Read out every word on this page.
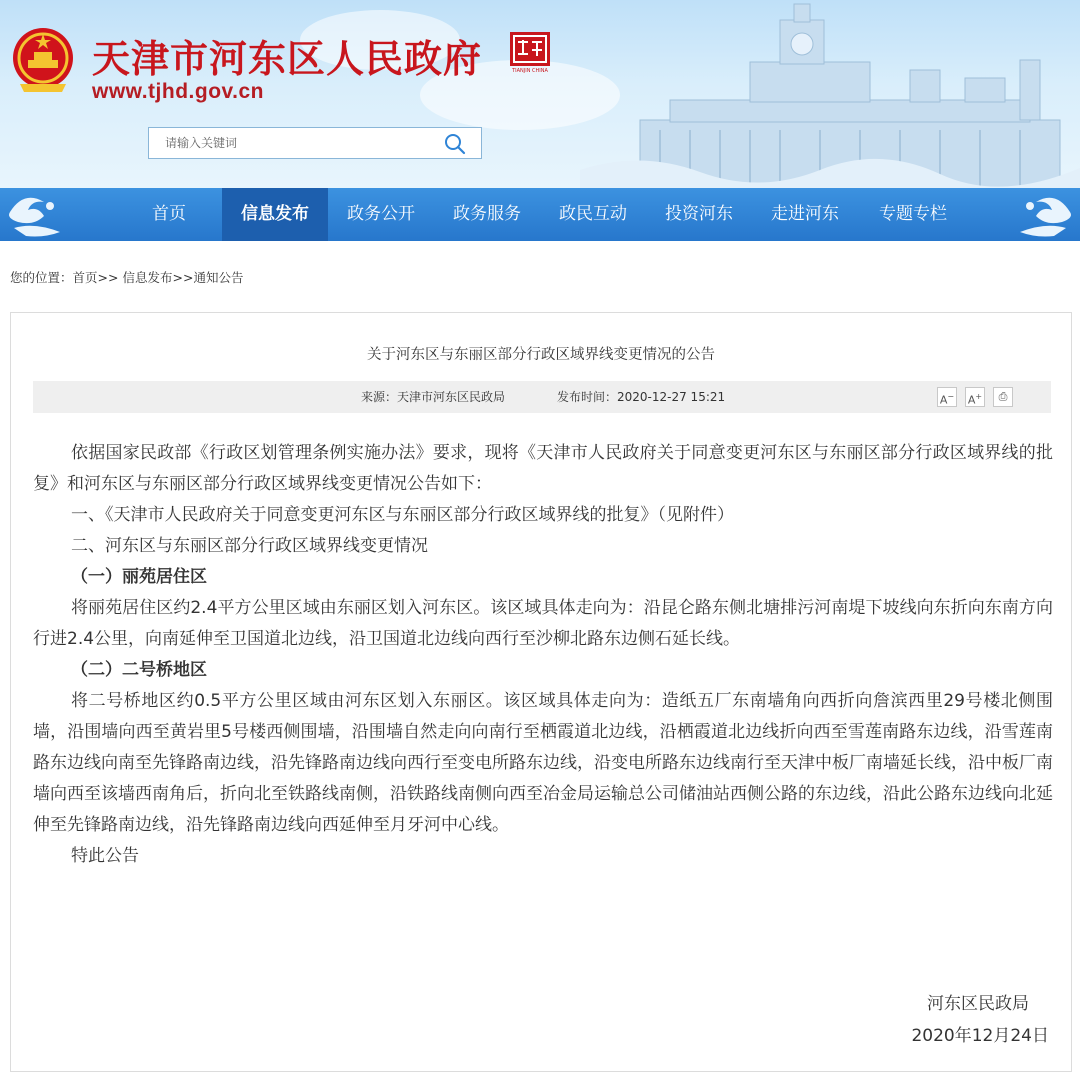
天津市河东区人民政府
www.tjhd.gov.cn
TIANJIN CHINA
请输入关键词
首页	信息发布	政务公开	政务服务	政民互动	投资河东	走进河东	专题专栏
您的位置：首页>> 信息发布>>通知公告
关于河东区与东丽区部分行政区域界线变更情况的公告
来源：天津市河东区民政局	发布时间：2020-12-27 15:21	A− A+	⎙

依据国家民政部《行政区划管理条例实施办法》要求，现将《天津市人民政府关于同意变更河东区与东丽区部分行政区域界线的批复》和河东区与东丽区部分行政区域界线变更情况公告如下：

一、《天津市人民政府关于同意变更河东区与东丽区部分行政区域界线的批复》（见附件）

二、河东区与东丽区部分行政区域界线变更情况

（一）丽苑居住区

将丽苑居住区约2.4平方公里区域由东丽区划入河东区。该区域具体走向为：沿昆仑路东侧北塘排污河南堤下坡线向东折向东南方向行进2.4公里，向南延伸至卫国道北边线，沿卫国道北边线向西行至沙柳北路东边侧石延长线。

（二）二号桥地区

将二号桥地区约0.5平方公里区域由河东区划入东丽区。该区域具体走向为：造纸五厂东南墙角向西折向詹滨西里29号楼北侧围墙，沿围墙向西至黄岩里5号楼西侧围墙，沿围墙自然走向向南行至栖霞道北边线，沿栖霞道北边线折向西至雪莲南路东边线，沿雪莲南路东边线向南至先锋路南边线，沿先锋路南边线向西行至变电所路东边线，沿变电所路东边线南行至天津中板厂南墙延长线，沿中板厂南墙向西至该墙西南角后，折向北至铁路线南侧，沿铁路线南侧向西至冶金局运输总公司储油站西侧公路的东边线，沿此公路东边线向北延伸至先锋路南边线，沿先锋路南边线向西延伸至月牙河中心线。

特此公告

河东区民政局
2020年12月24日
